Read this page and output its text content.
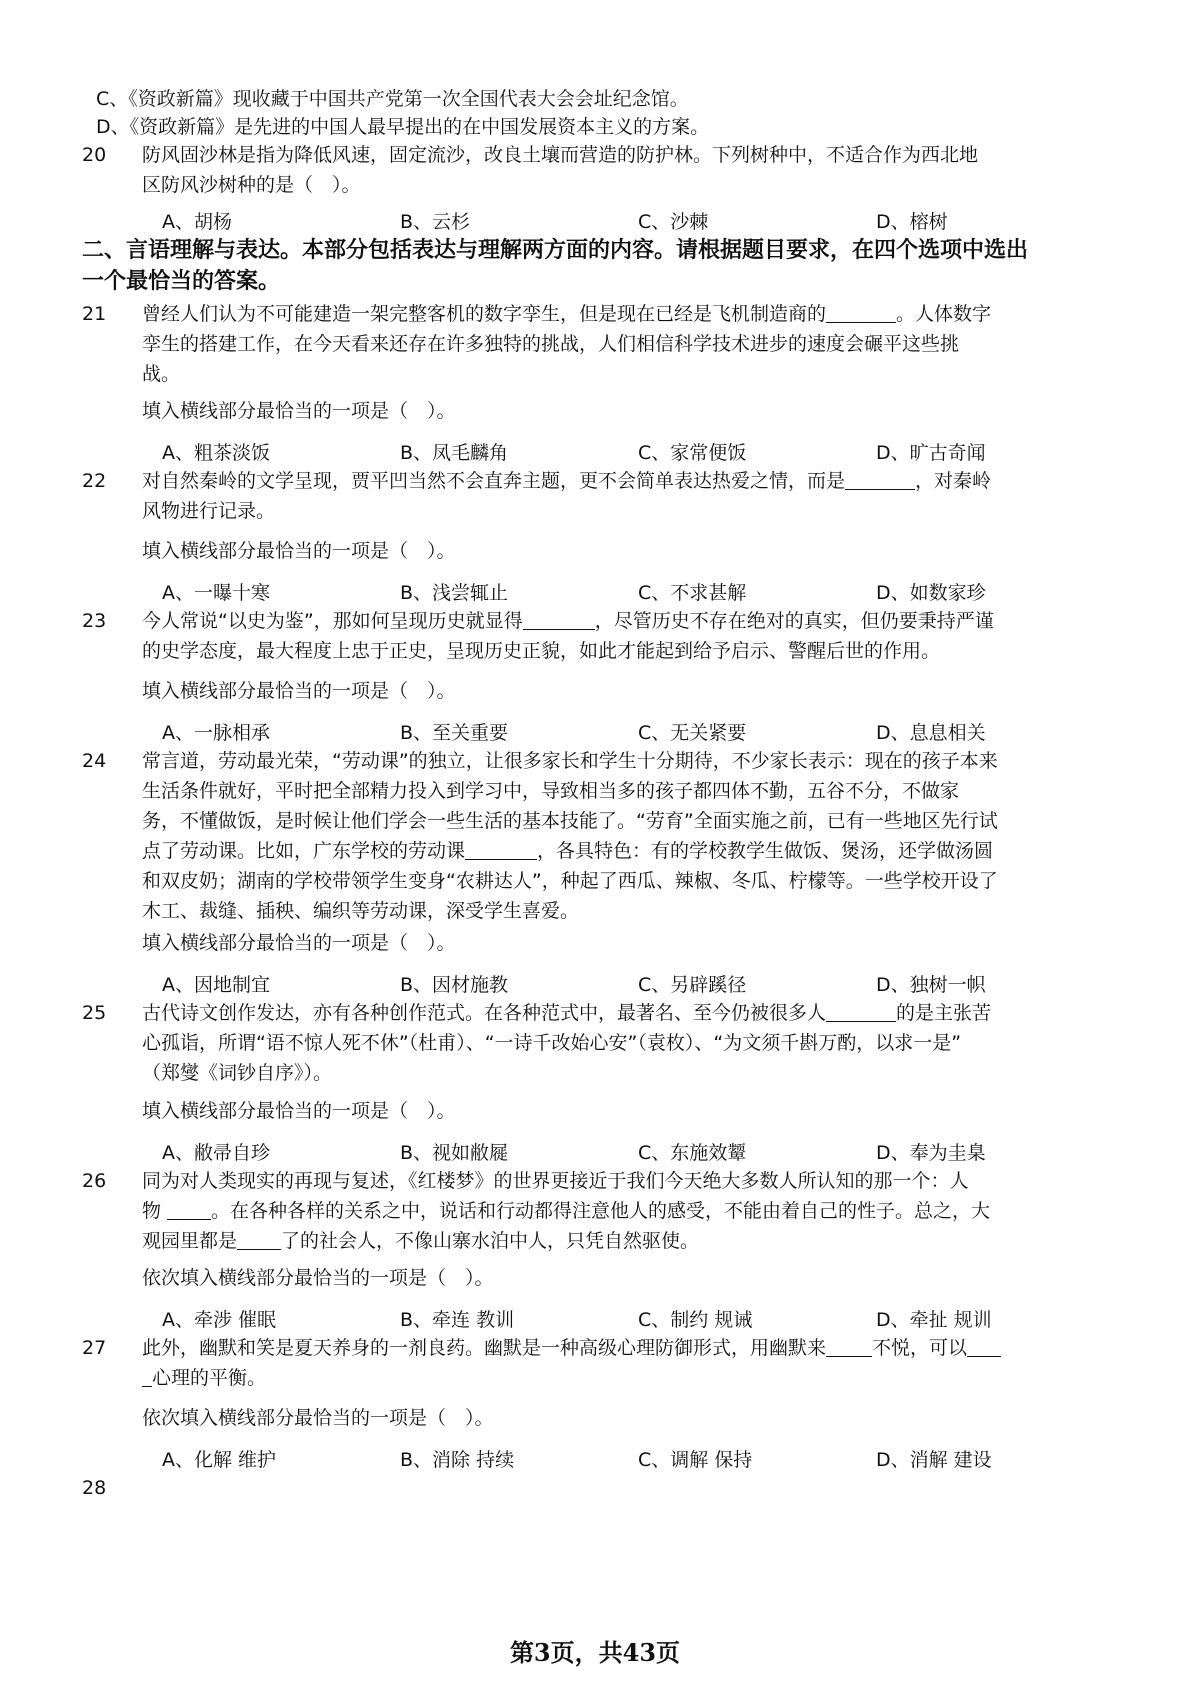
C、《资政新篇》现收藏于中国共产党第一次全国代表大会会址纪念馆。
D、《资政新篇》是先进的中国人最早提出的在中国发展资本主义的方案。
20	防风固沙林是指为降低风速，固定流沙，改良土壤而营造的防护林。下列树种中，不适合作为西北地

区防风沙树种的是（　）。

A、胡杨	B、云杉	C、沙棘	D、榕树
二、言语理解与表达。本部分包括表达与理解两方面的内容。请根据题目要求，在四个选项中选出
一个最恰当的答案。
21	曾经人们认为不可能建造一架完整客机的数字孪生，但是现在已经是飞机制造商的	。人体数字

孪生的搭建工作，在今天看来还存在许多独特的挑战，人们相信科学技术进步的速度会碾平这些挑

战。

填入横线部分最恰当的一项是（　）。
A、粗茶淡饭	B、凤毛麟角	C、家常便饭	D、旷古奇闻
22	对自然秦岭的文学呈现，贾平凹当然不会直奔主题，更不会简单表达热爱之情，而是	，对秦岭

风物进行记录。

填入横线部分最恰当的一项是（　）。
A、一曝十寒	B、浅尝辄止	C、不求甚解	D、如数家珍
23	今人常说“以史为鉴”，那如何呈现历史就显得	，尽管历史不存在绝对的真实，但仍要秉持严谨

的史学态度，最大程度上忠于正史，呈现历史正貌，如此才能起到给予启示、警醒后世的作用。

填入横线部分最恰当的一项是（　）。
A、一脉相承	B、至关重要	C、无关紧要	D、息息相关
24	常言道，劳动最光荣，“劳动课”的独立，让很多家长和学生十分期待，不少家长表示：现在的孩子本来

生活条件就好，平时把全部精力投入到学习中，导致相当多的孩子都四体不勤，五谷不分，不做家

务，不懂做饭，是时候让他们学会一些生活的基本技能了。“劳育”全面实施之前，已有一些地区先行试

点了劳动课。比如，广东学校的劳动课	，各具特色：有的学校教学生做饭、煲汤，还学做汤圆

和双皮奶；湖南的学校带领学生变身“农耕达人”，种起了西瓜、辣椒、冬瓜、柠檬等。一些学校开设了

木工、裁缝、插秧、编织等劳动课，深受学生喜爱。

填入横线部分最恰当的一项是（　）。
A、因地制宜	B、因材施教	C、另辟蹊径	D、独树一帜
25	古代诗文创作发达，亦有各种创作范式。在各种范式中，最著名、至今仍被很多人	的是主张苦

心孤诣，所谓“语不惊人死不休”（杜甫）、“一诗千改始心安”（袁枚）、“为文须千斟万酌，以求一是”

（郑燮《词钞自序》）。

填入横线部分最恰当的一项是（　）。
A、敝帚自珍	B、视如敝屣	C、东施效颦	D、奉为圭臬
26	同为对人类现实的再现与复述，《红楼梦》的世界更接近于我们今天绝大多数人所认知的那一个：人

物	。在各种各样的关系之中，说话和行动都得注意他人的感受，不能由着自己的性子。总之，大

观园里都是 了的社会人，不像山寨水泊中人，只凭自然驱使。

依次填入横线部分最恰当的一项是（　）。
A、牵涉 催眠	B、牵连 教训	C、制约 规诫	D、牵扯 规训
27	此外，幽默和笑是夏天养身的一剂良药。幽默是一种高级心理防御形式，用幽默来 不悦，可以

心理的平衡。

依次填入横线部分最恰当的一项是（　）。
A、化解 维护	B、消除 持续	C、调解 保持	D、消解 建设
28
第3页，共43页
